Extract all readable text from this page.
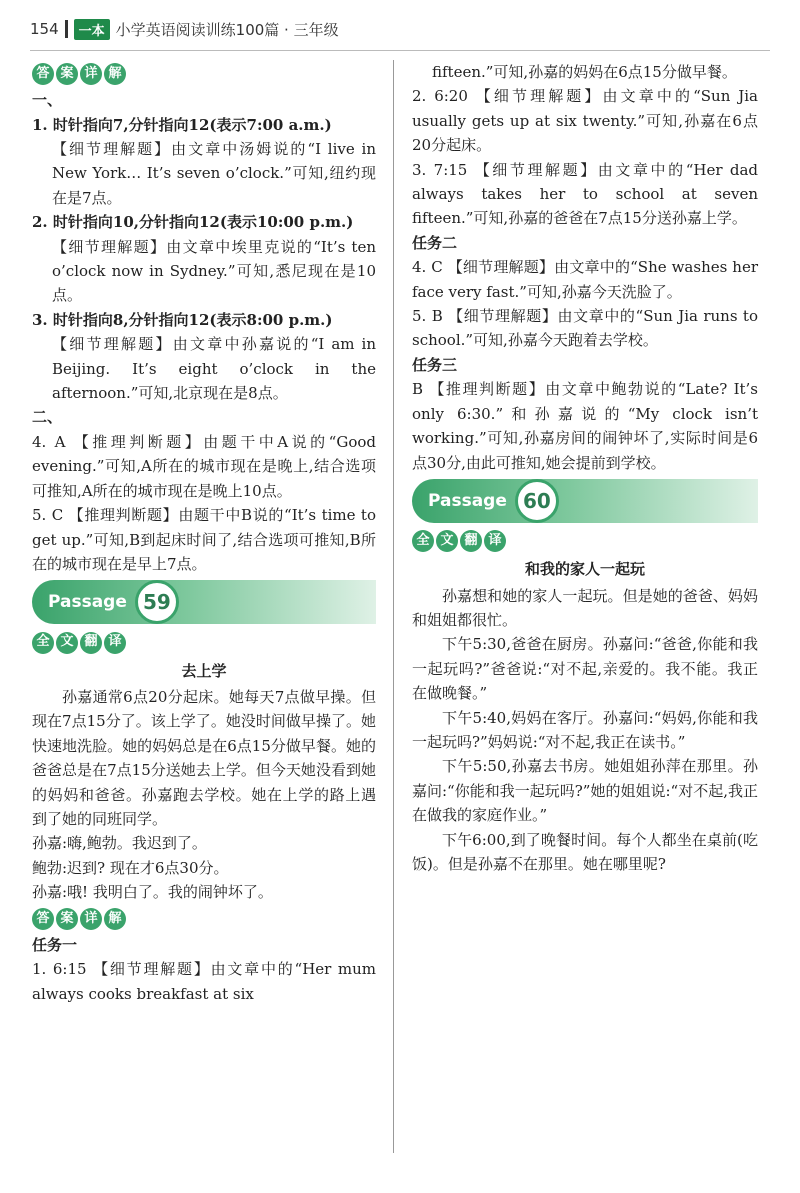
154	一本 小学英语阅读训练100篇 · 三年级
答 案 详 解

一、

1. 时针指向7,分针指向12(表示7:00 a.m.)

【细节理解题】由文章中汤姆说的“I live in New York… It’s seven o’clock.”可知,纽约现在是7点。

2. 时针指向10,分针指向12(表示10:00 p.m.)

【细节理解题】由文章中埃里克说的“It’s ten o’clock now in Sydney.”可知,悉尼现在是10点。

3. 时针指向8,分针指向12(表示8:00 p.m.)

【细节理解题】由文章中孙嘉说的“I am in Beijing. It’s eight o’clock in the afternoon.”可知,北京现在是8点。

二、

4. A 【推理判断题】由题干中A说的“Good evening.”可知,A所在的城市现在是晚上,结合选项可推知,A所在的城市现在是晚上10点。

5. C 【推理判断题】由题干中B说的“It’s time to get up.”可知,B到起床时间了,结合选项可推知,B所在的城市现在是早上7点。

Passage 59
全 文 翻 译

去上学

孙嘉通常6点20分起床。她每天7点做早操。但现在7点15分了。该上学了。她没时间做早操了。她快速地洗脸。她的妈妈总是在6点15分做早餐。她的爸爸总是在7点15分送她去上学。但今天她没看到她的妈妈和爸爸。孙嘉跑去学校。她在上学的路上遇到了她的同班同学。

孙嘉:嗨,鲍勃。我迟到了。

鲍勃:迟到? 现在才6点30分。

孙嘉:哦! 我明白了。我的闹钟坏了。

答 案 详 解

任务一

1. 6:15 【细节理解题】由文章中的“Her mum always cooks breakfast at six

fifteen.”可知,孙嘉的妈妈在6点15分做早餐。

2. 6:20 【细节理解题】由文章中的“Sun Jia usually gets up at six twenty.”可知,孙嘉在6点20分起床。

3. 7:15 【细节理解题】由文章中的“Her dad always takes her to school at seven fifteen.”可知,孙嘉的爸爸在7点15分送孙嘉上学。

任务二

4. C 【细节理解题】由文章中的“She washes her face very fast.”可知,孙嘉今天洗脸了。

5. B 【细节理解题】由文章中的“Sun Jia runs to school.”可知,孙嘉今天跑着去学校。

任务三

B 【推理判断题】由文章中鲍勃说的“Late? It’s only 6:30.”和孙嘉说的“My clock isn’t working.”可知,孙嘉房间的闹钟坏了,实际时间是6点30分,由此可推知,她会提前到学校。

Passage 60
全 文 翻 译

和我的家人一起玩

孙嘉想和她的家人一起玩。但是她的爸爸、妈妈和姐姐都很忙。

下午5:30,爸爸在厨房。孙嘉问:“爸爸,你能和我一起玩吗?”爸爸说:“对不起,亲爱的。我不能。我正在做晚餐。”

下午5:40,妈妈在客厅。孙嘉问:“妈妈,你能和我一起玩吗?”妈妈说:“对不起,我正在读书。”

下午5:50,孙嘉去书房。她姐姐孙萍在那里。孙嘉问:“你能和我一起玩吗?”她的姐姐说:“对不起,我正在做我的家庭作业。”

下午6:00,到了晚餐时间。每个人都坐在桌前(吃饭)。但是孙嘉不在那里。她在哪里呢?
